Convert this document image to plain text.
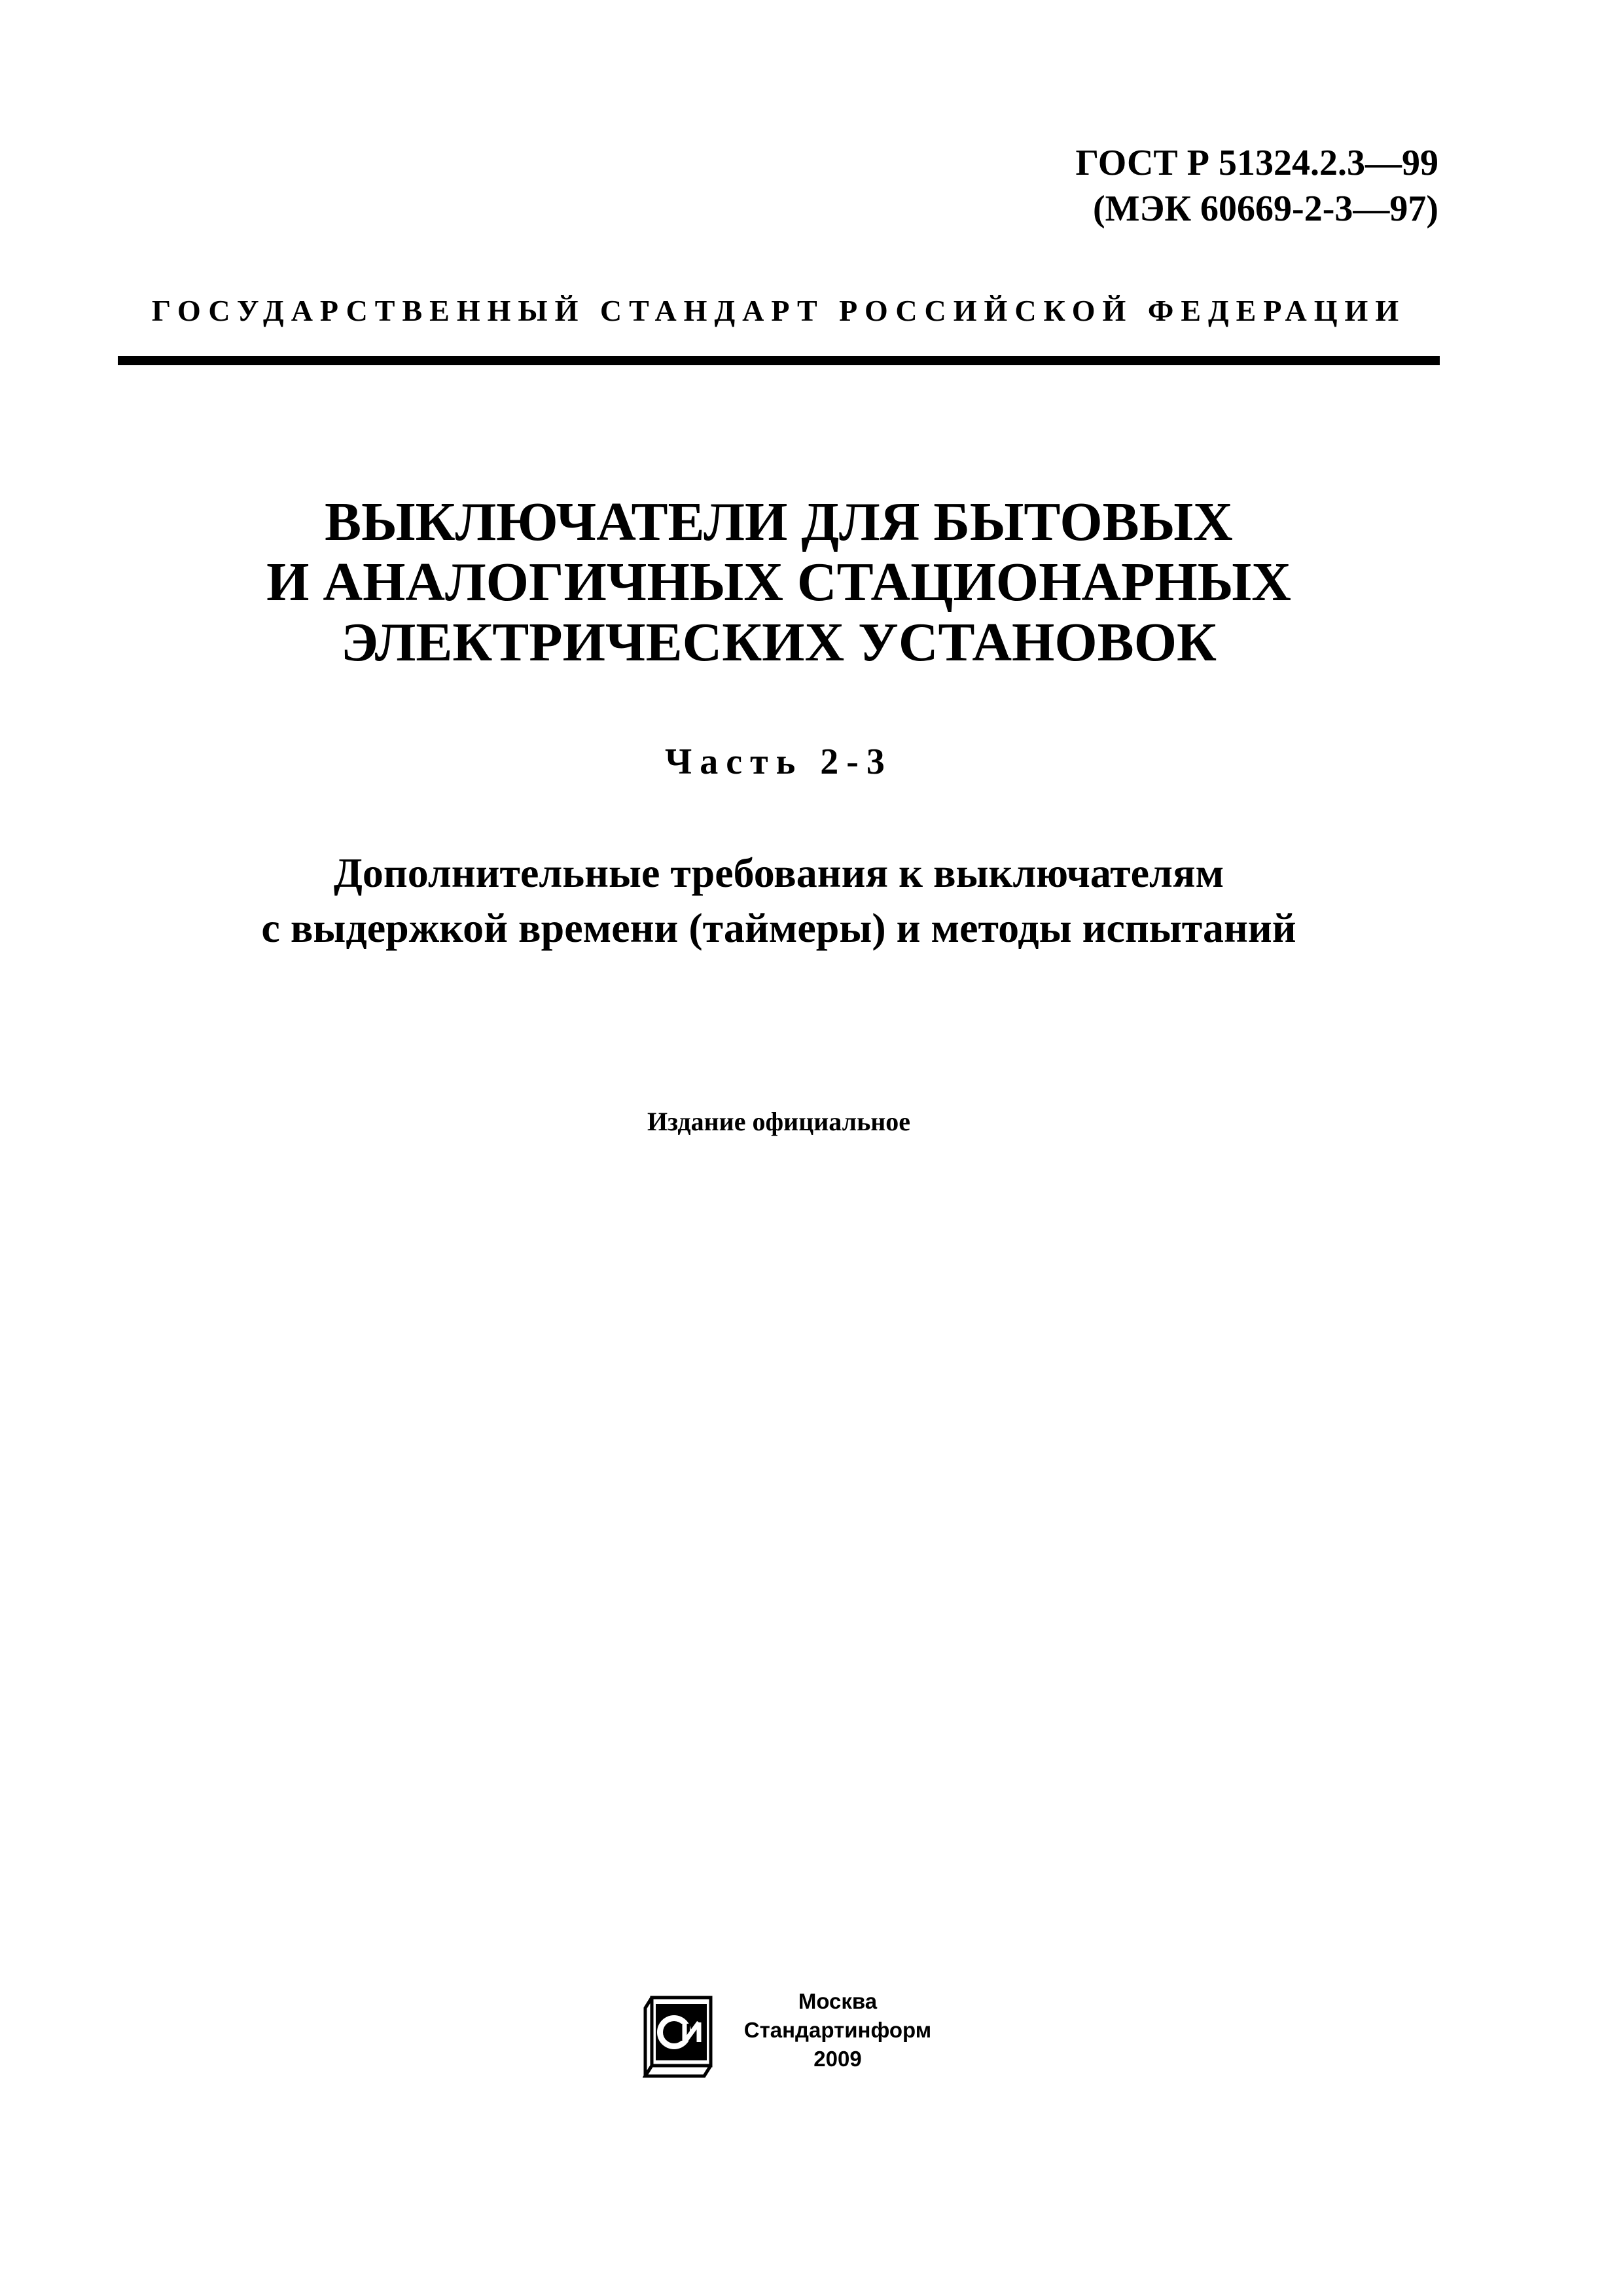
ГОСТ Р 51324.2.3—99
(МЭК 60669-2-3—97)
ГОСУДАРСТВЕННЫЙ СТАНДАРТ РОССИЙСКОЙ ФЕДЕРАЦИИ
ВЫКЛЮЧАТЕЛИ ДЛЯ БЫТОВЫХ
И АНАЛОГИЧНЫХ СТАЦИОНАРНЫХ
ЭЛЕКТРИЧЕСКИХ УСТАНОВОК
Часть 2-3
Дополнительные требования к выключателям
с выдержкой времени (таймеры) и методы испытаний
Издание официальное
Москва
Стандартинформ
2009
